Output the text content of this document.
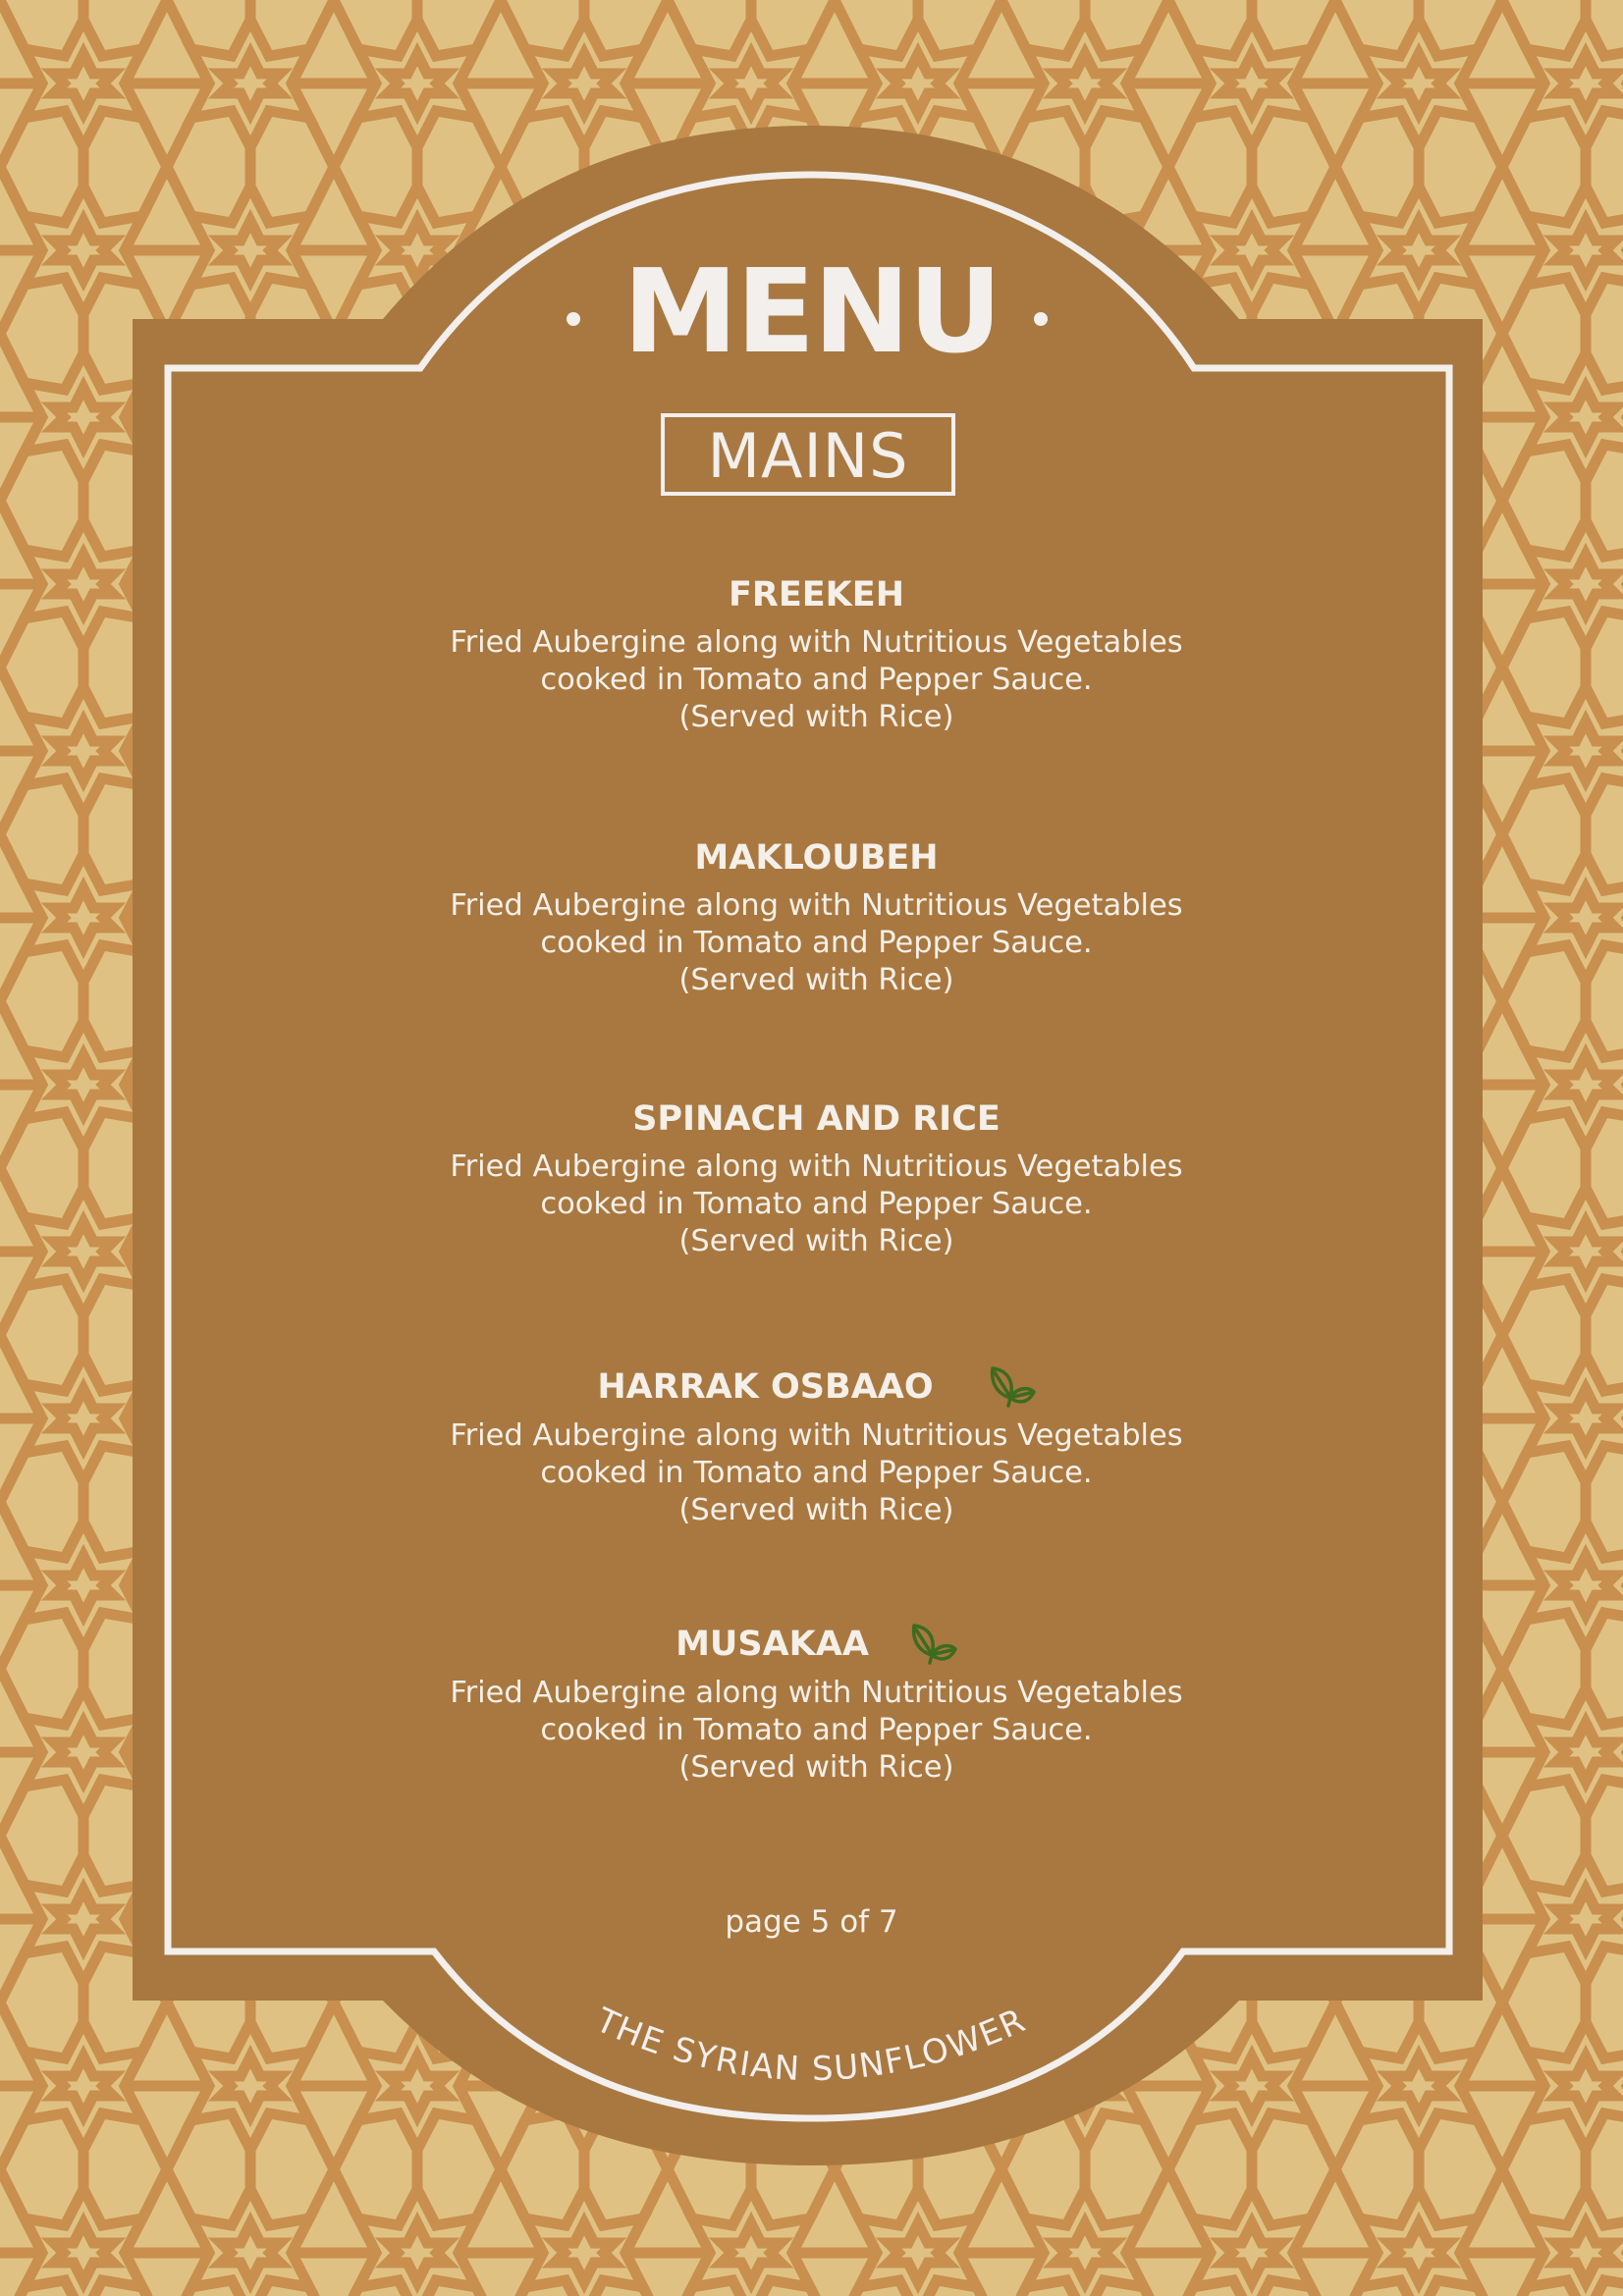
MENU
MAINS
FREEKEH
Fried Aubergine along with Nutritious Vegetables
cooked in Tomato and Pepper Sauce.
(Served with Rice)
MAKLOUBEH
Fried Aubergine along with Nutritious Vegetables
cooked in Tomato and Pepper Sauce.
(Served with Rice)
SPINACH AND RICE
Fried Aubergine along with Nutritious Vegetables
cooked in Tomato and Pepper Sauce.
(Served with Rice)
HARRAK OSBAAO
Fried Aubergine along with Nutritious Vegetables
cooked in Tomato and Pepper Sauce.
(Served with Rice)
MUSAKAA
Fried Aubergine along with Nutritious Vegetables
cooked in Tomato and Pepper Sauce.
(Served with Rice)
page 5 of 7
THE SYRIAN SUNFLOWER
